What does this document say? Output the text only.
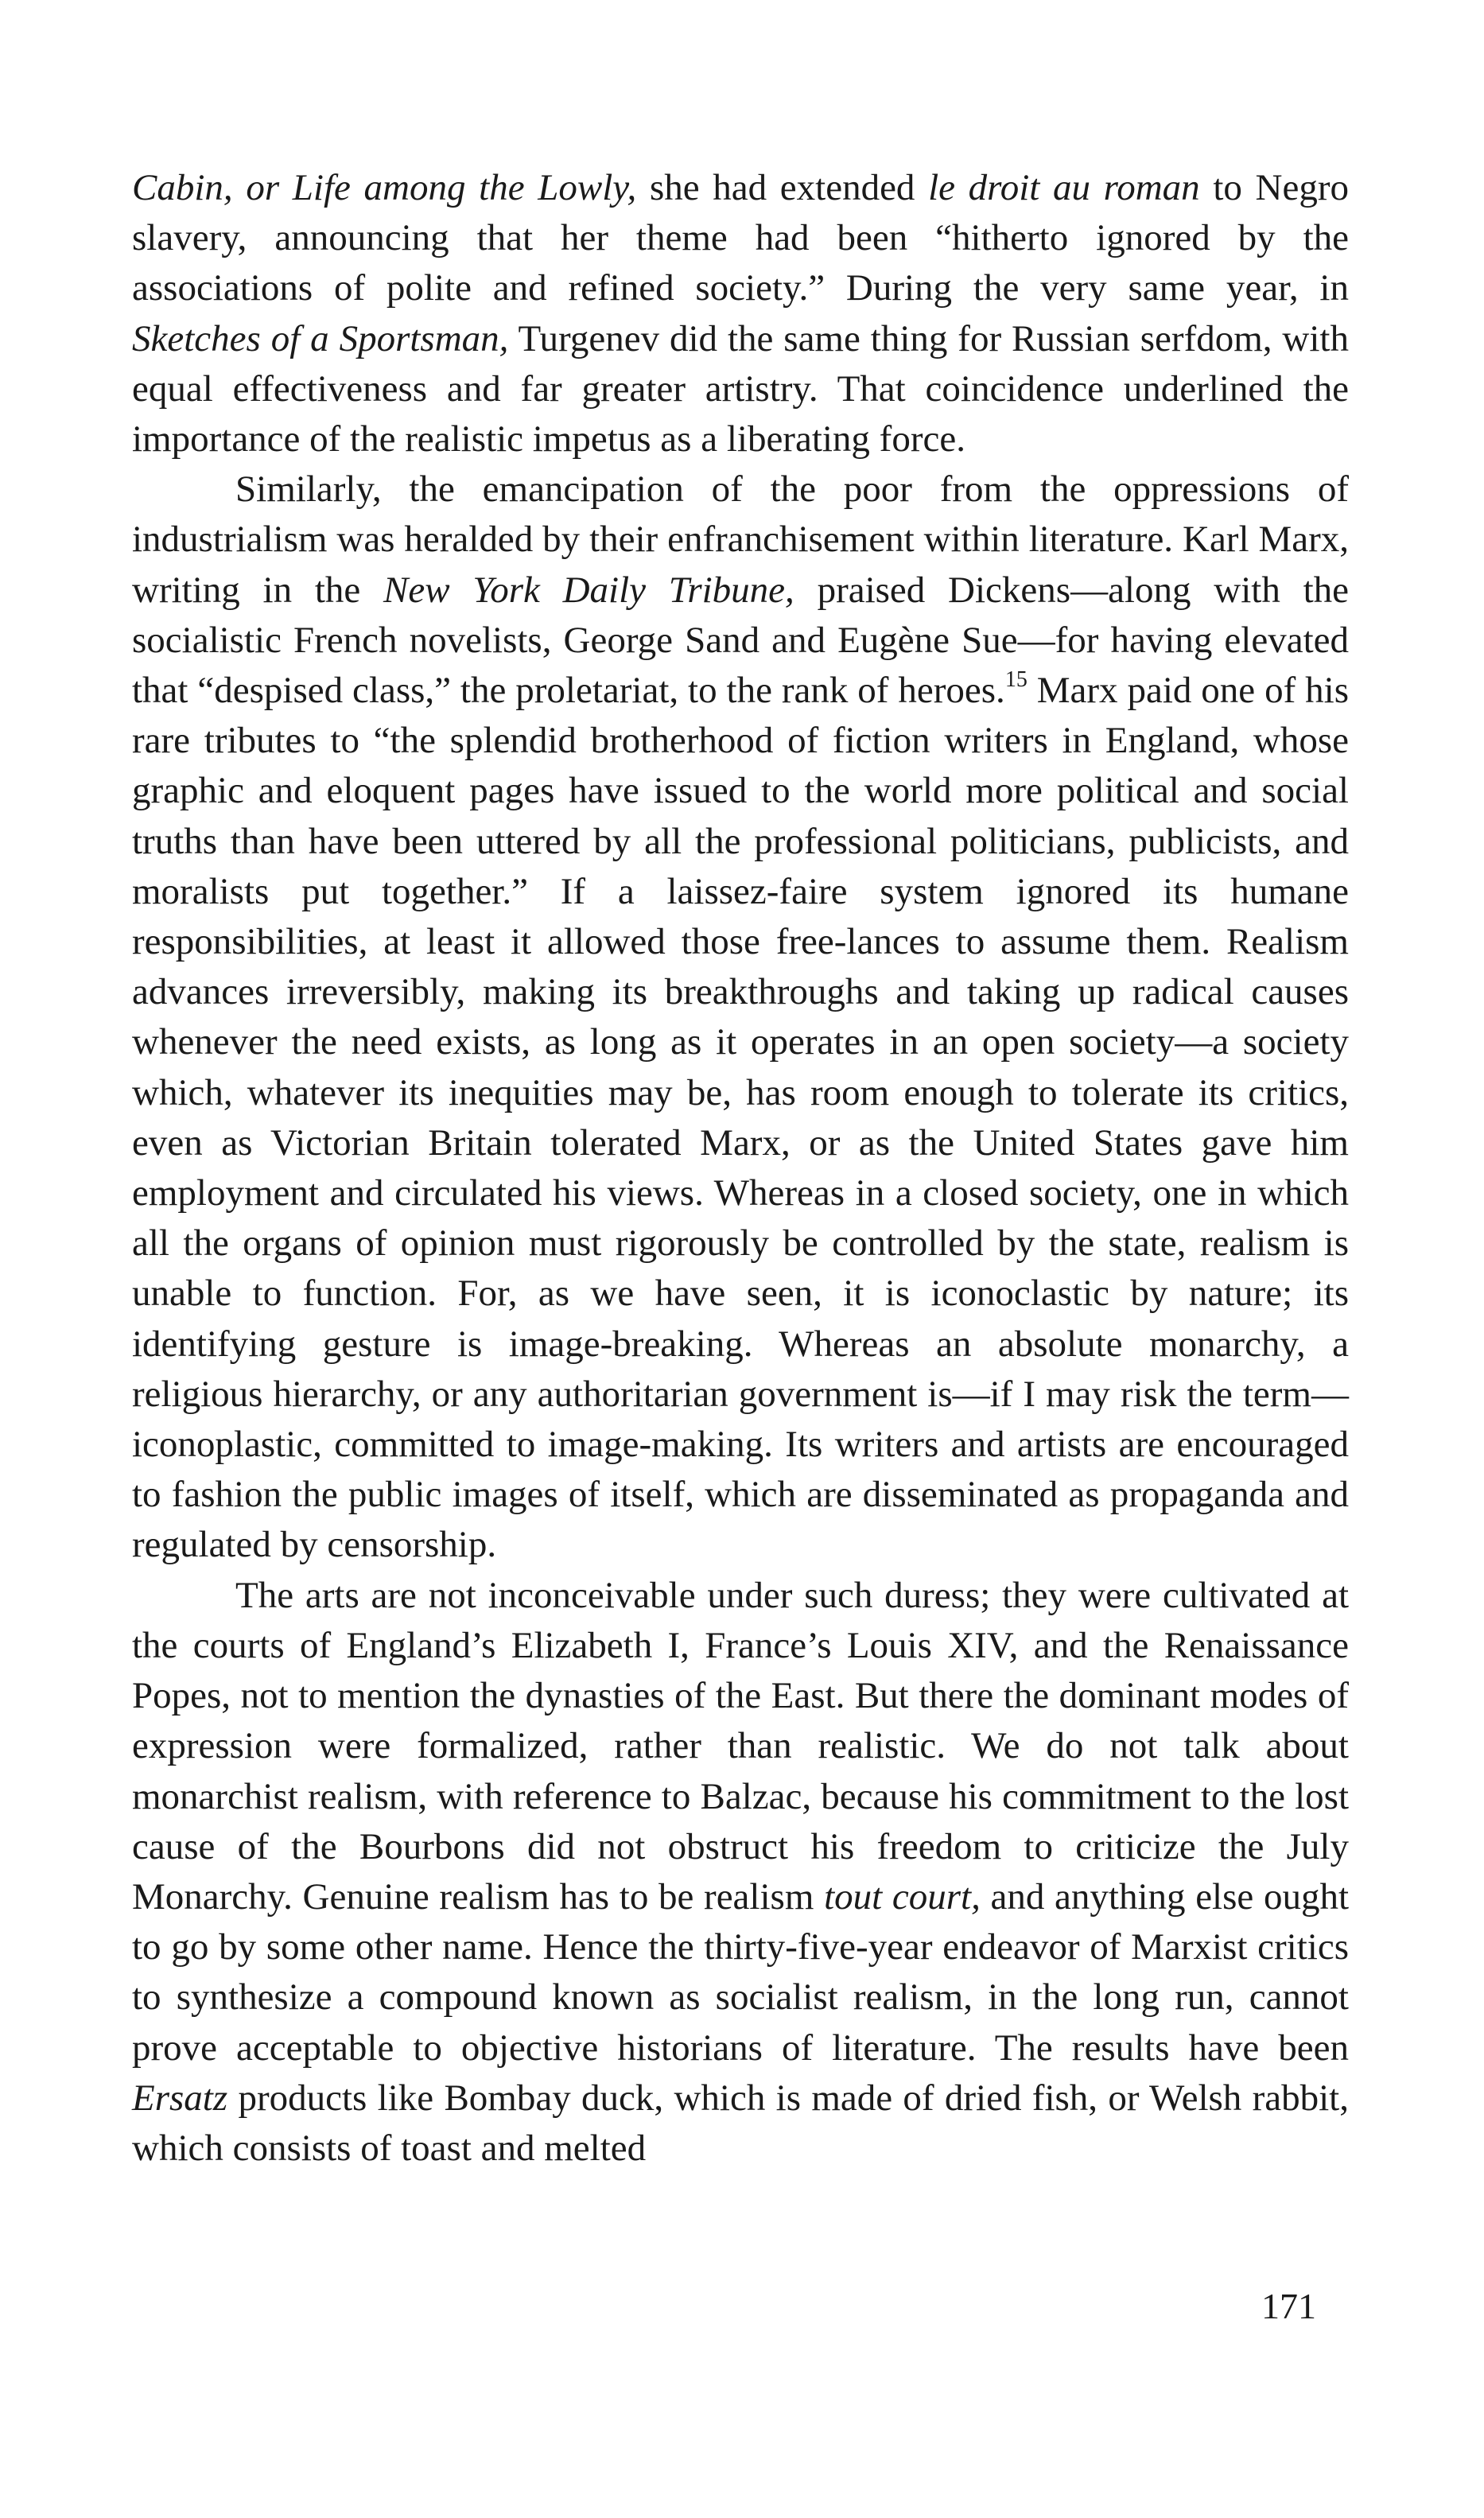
Cabin, or Life among the Lowly, she had extended le droit au roman to Negro slavery, announcing that her theme had been “hitherto ignored by the associations of polite and refined society.” During the very same year, in Sketches of a Sportsman, Turgenev did the same thing for Russian serfdom, with equal effectiveness and far greater artistry. That coincidence underlined the importance of the realistic impetus as a liberating force.

Similarly, the emancipation of the poor from the oppressions of industrialism was heralded by their enfranchisement within literature. Karl Marx, writing in the New York Daily Tribune, praised Dickens—along with the socialistic French novelists, George Sand and Eugène Sue—for having elevated that “despised class,” the proletariat, to the rank of heroes.$^{15}$ Marx paid one of his rare tributes to “the splendid brotherhood of fiction writers in England, whose graphic and eloquent pages have issued to the world more political and social truths than have been uttered by all the professional politicians, publicists, and moralists put together.” If a laissez-faire system ignored its humane responsibilities, at least it allowed those free-lances to assume them. Realism advances irreversibly, making its breakthroughs and taking up radical causes whenever the need exists, as long as it operates in an open society—a society which, whatever its inequities may be, has room enough to tolerate its critics, even as Victorian Britain tolerated Marx, or as the United States gave him employment and circulated his views. Whereas in a closed society, one in which all the organs of opinion must rigorously be controlled by the state, realism is unable to function. For, as we have seen, it is iconoclastic by nature; its identifying gesture is image-breaking. Whereas an absolute monarchy, a religious hierarchy, or any authoritarian government is—if I may risk the term—iconoplastic, committed to image-making. Its writers and artists are encouraged to fashion the public images of itself, which are disseminated as propaganda and regulated by censorship.

The arts are not inconceivable under such duress; they were cultivated at the courts of England’s Elizabeth I, France’s Louis XIV, and the Renaissance Popes, not to mention the dynasties of the East. But there the dominant modes of expression were formalized, rather than realistic. We do not talk about monarchist realism, with reference to Balzac, because his commitment to the lost cause of the Bourbons did not obstruct his freedom to criticize the July Monarchy. Genuine realism has to be realism tout court, and anything else ought to go by some other name. Hence the thirty-five-year endeavor of Marxist critics to synthesize a compound known as socialist realism, in the long run, cannot prove acceptable to objective historians of literature. The results have been Ersatz products like Bombay duck, which is made of dried fish, or Welsh rabbit, which consists of toast and melted

171
